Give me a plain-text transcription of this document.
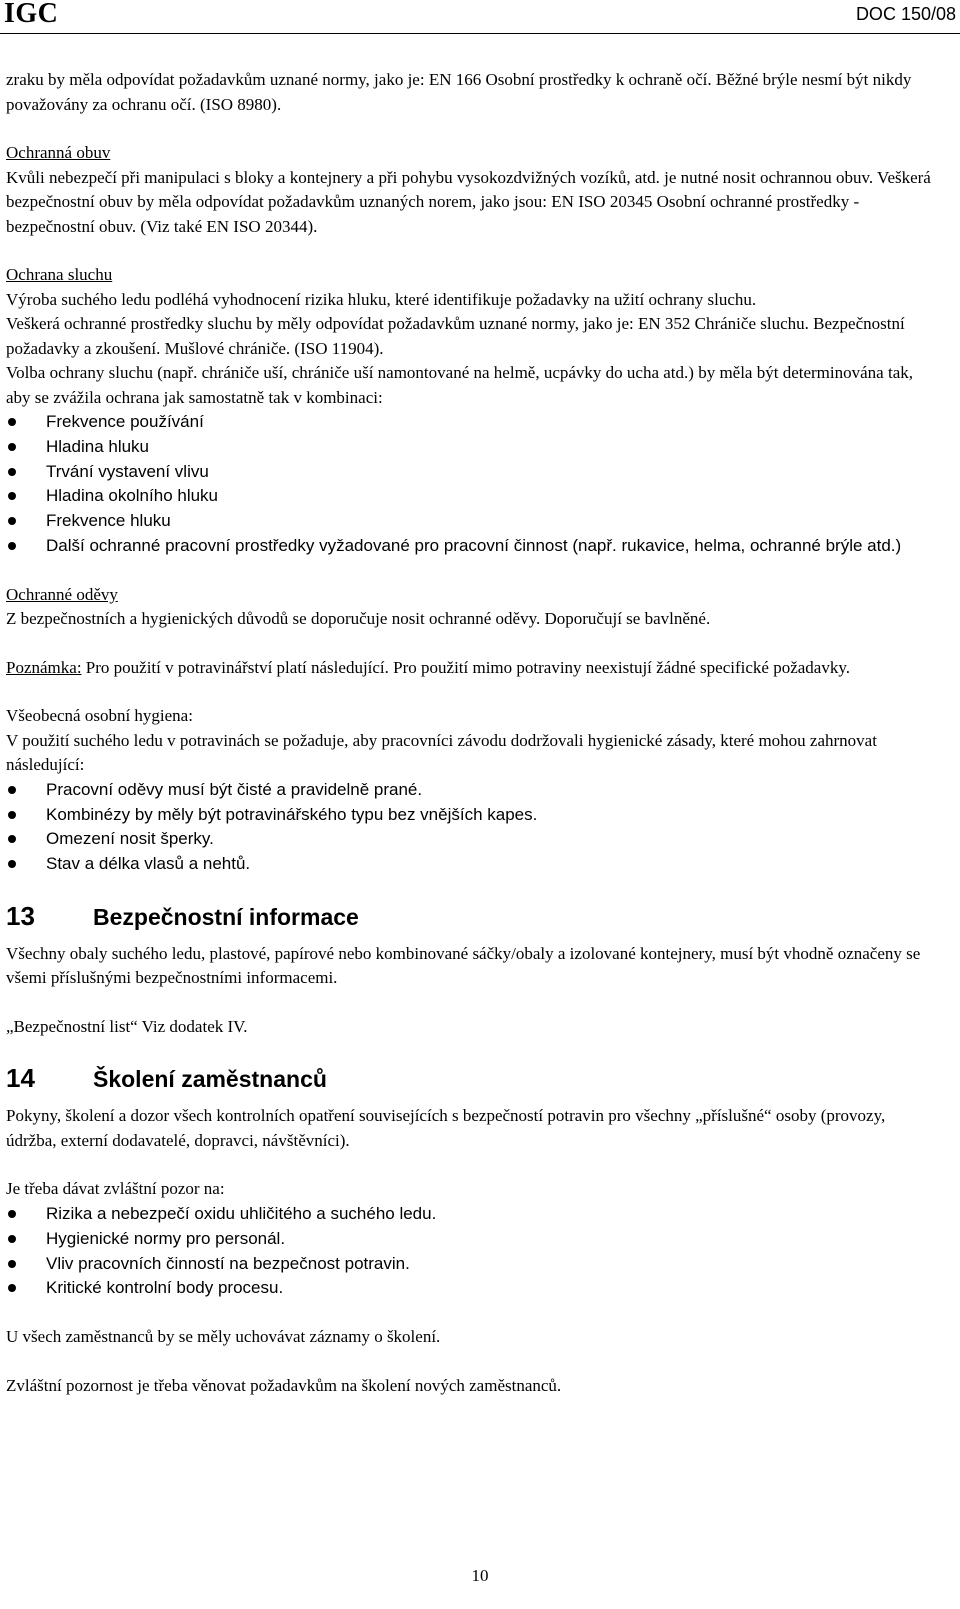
IGC	DOC 150/08

zraku by měla odpovídat požadavkům uznané normy, jako je: EN 166 Osobní prostředky k ochraně očí. Běžné brýle nesmí být nikdy považovány za ochranu očí. (ISO 8980).

Ochranná obuv

Kvůli nebezpečí při manipulaci s bloky a kontejnery a při pohybu vysokozdvižných vozíků, atd. je nutné nosit ochrannou obuv. Veškerá bezpečnostní obuv by měla odpovídat požadavkům uznaných norem, jako jsou: EN ISO 20345 Osobní ochranné prostředky - bezpečnostní obuv. (Viz také EN ISO 20344).

Ochrana sluchu

Výroba suchého ledu podléhá vyhodnocení rizika hluku, které identifikuje požadavky na užití ochrany sluchu.

Veškerá ochranné prostředky sluchu by měly odpovídat požadavkům uznané normy, jako je: EN 352 Chrániče sluchu. Bezpečnostní požadavky a zkoušení. Mušlové chrániče. (ISO 11904).

Volba ochrany sluchu (např. chrániče uší, chrániče uší namontované na helmě, ucpávky do ucha atd.) by měla být determinována tak, aby se zvážila ochrana jak samostatně tak v kombinaci:

Frekvence používání
Hladina hluku
Trvání vystavení vlivu
Hladina okolního hluku
Frekvence hluku
Další ochranné pracovní prostředky vyžadované pro pracovní činnost (např. rukavice, helma, ochranné brýle atd.)

Ochranné oděvy

Z bezpečnostních a hygienických důvodů se doporučuje nosit ochranné oděvy. Doporučují se bavlněné.

Poznámka: Pro použití v potravinářství platí následující. Pro použití mimo potraviny neexistují žádné specifické požadavky.

Všeobecná osobní hygiena:

V použití suchého ledu v potravinách se požaduje, aby pracovníci závodu dodržovali hygienické zásady, které mohou zahrnovat následující:

Pracovní oděvy musí být čisté a pravidelně prané.
Kombinézy by měly být potravinářského typu bez vnějších kapes.
Omezení nosit šperky.
Stav a délka vlasů a nehtů.
13	Bezpečnostní informace

Všechny obaly suchého ledu, plastové, papírové nebo kombinované sáčky/obaly a izolované kontejnery, musí být vhodně označeny se všemi příslušnými bezpečnostními informacemi.

„Bezpečnostní list“ Viz dodatek IV.

14	Školení zaměstnanců

Pokyny, školení a dozor všech kontrolních opatření souvisejících s bezpečností potravin pro všechny „příslušné“ osoby (provozy, údržba, externí dodavatelé, dopravci, návštěvníci).

Je třeba dávat zvláštní pozor na:

Rizika a nebezpečí oxidu uhličitého a suchého ledu.
Hygienické normy pro personál.
Vliv pracovních činností na bezpečnost potravin.
Kritické kontrolní body procesu.

U všech zaměstnanců by se měly uchovávat záznamy o školení.

Zvláštní pozornost je třeba věnovat požadavkům na školení nových zaměstnanců.

10
